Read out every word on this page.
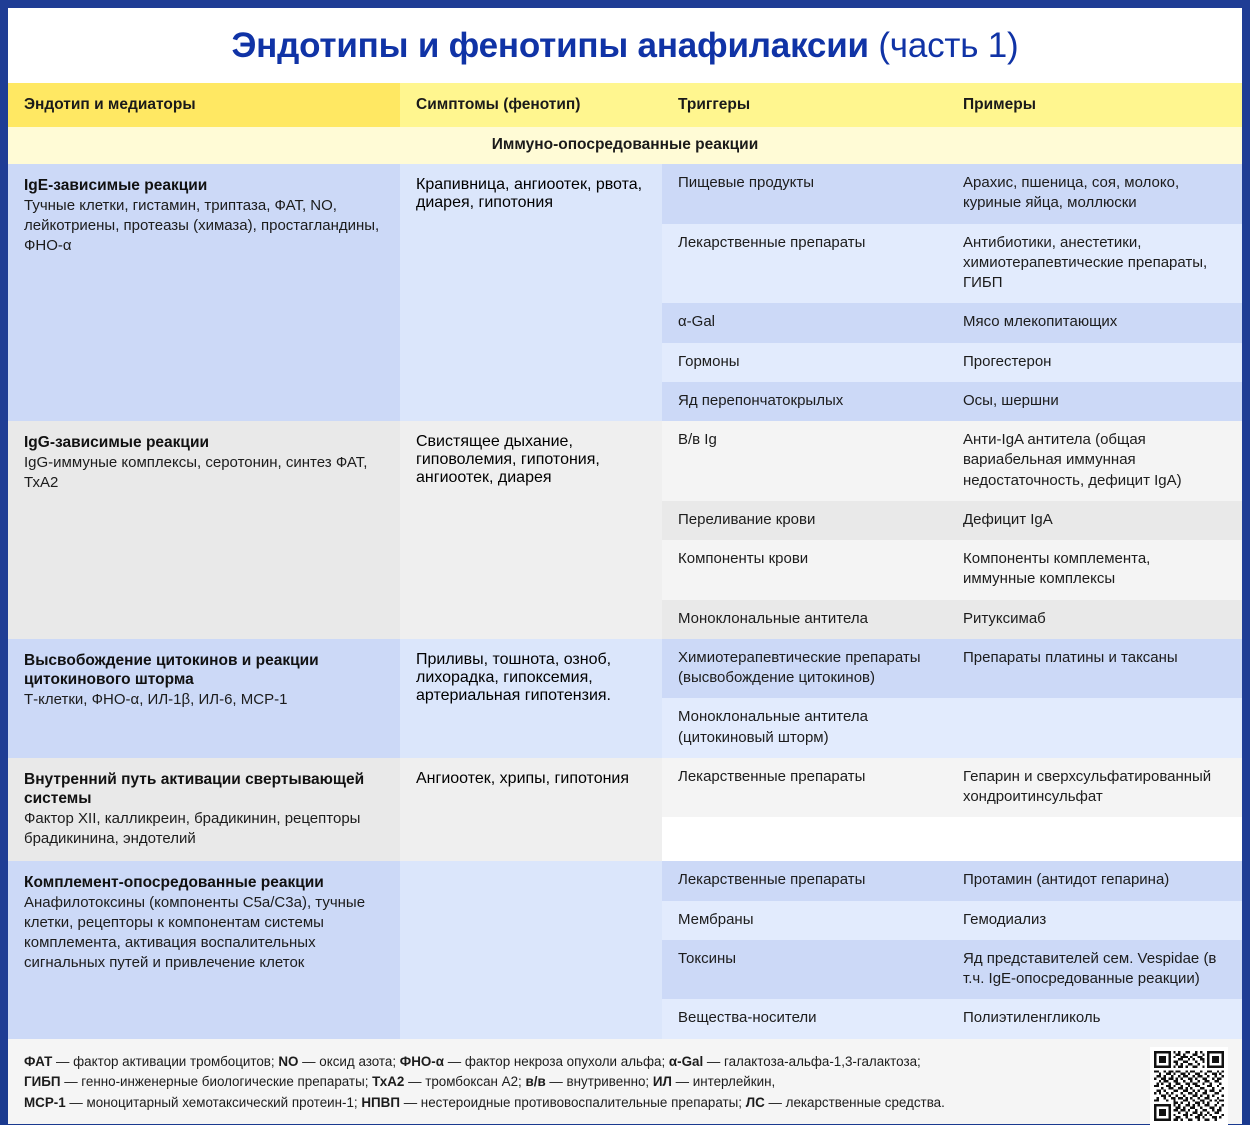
Эндотипы и фенотипы анафилаксии (часть 1)
Эндотип и медиаторы	Симптомы (фенотип)	Триггеры	Примеры
Иммуно-опосредованные реакции

IgE-зависимые реакции
Тучные клетки, гистамин, триптаза, ФАТ, NO, лейкотриены, протеазы (химаза), простагландины, ФНО-α
	Крапивница, ангиоотек, рвота, диарея, гипотония	
Пищевые продукты	Арахис, пшеница, соя, молоко, куриные яйца, моллюски
Лекарственные препараты	Антибиотики, анестетики, химиотерапевтические препараты, ГИБП
α-Gal	Мясо млекопитающих
Гормоны	Прогестерон
Яд перепончатокрылых	Осы, шершни

IgG-зависимые реакции
IgG-иммуные комплексы, серотонин, синтез ФАТ, ТхА2
	Свистящее дыхание, гиповолемия, гипотония, ангиоотек, диарея	
В/в Ig	Анти-IgA антитела (общая вариабельная иммунная недостаточность, дефицит IgA)
Переливание крови	Дефицит IgA
Компоненты крови	Компоненты комплемента, иммунные комплексы
Моноклональные антитела	Ритуксимаб

Высвобождение цитокинов и реакции цитокинового шторма
Т-клетки, ФНО-α, ИЛ-1β, ИЛ-6, МСР-1
	Приливы, тошнота, озноб, лихорадка, гипоксемия, артериальная гипотензия.	
Химиотерапевтические препараты (высвобождение цитокинов)	Препараты платины и таксаны
Моноклональные антитела (цитокиновый шторм)	

Внутренний путь активации свертывающей системы
Фактор XII, калликреин, брадикинин, рецепторы брадикинина, эндотелий
	Ангиоотек, хрипы, гипотония		Лекарственные препараты	Гепарин и сверхсульфатированный хондроитинсульфат

Комплемент-опосредованные реакции
Анафилотоксины (компоненты С5а/С3а), тучные клетки, рецепторы к компонентам системы комплемента, активация воспалительных сигнальных путей и привлечение клеток

Лекарственные препараты	Протамин (антидот гепарина)
Мембраны	Гемодиализ
Токсины	Яд представителей сем. Vespidae (в т.ч. IgE-опосредованные реакции)
Вещества-носители	Полиэтиленгликоль
ФАТ — фактор активации тромбоцитов; NO — оксид азота; ФНО-α — фактор некроза опухоли альфа; α-Gal — галактоза-альфа-1,3-галактоза;
ГИБП — генно-инженерные биологические препараты; ТхА2 — тромбоксан А2; в/в — внутривенно; ИЛ — интерлейкин,
МСР-1 — моноцитарный хемотаксический протеин-1; НПВП — нестероидные противовоспалительные препараты; ЛС — лекарственные средства.
